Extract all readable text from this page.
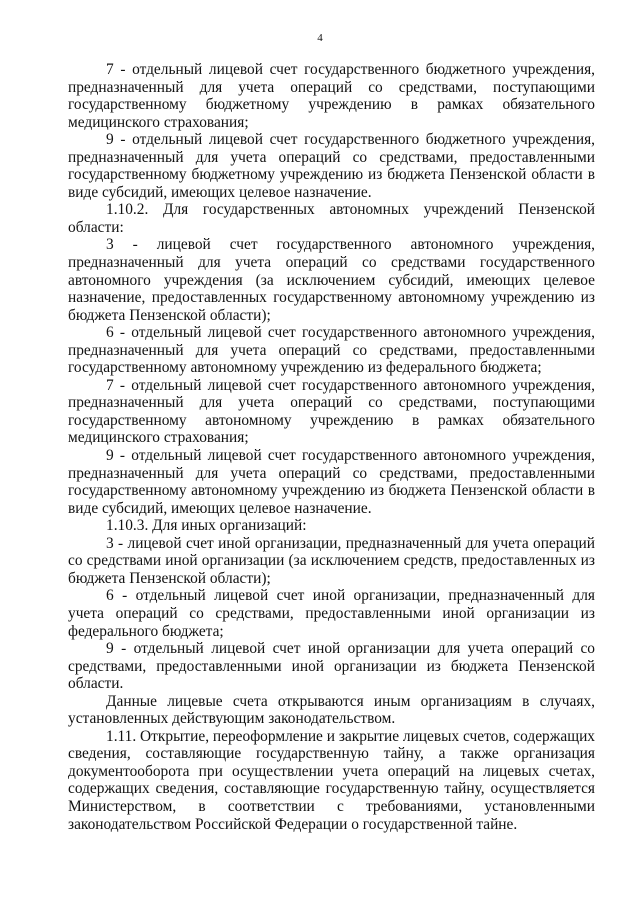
4

7 - отдельный лицевой счет государственного бюджетного учреждения, предназначенный для учета операций со средствами, поступающими государственному бюджетному учреждению в рамках обязательного медицинского страхования;

9 - отдельный лицевой счет государственного бюджетного учреждения, предназначенный для учета операций со средствами, предоставленными государственному бюджетному учреждению из бюджета Пензенской области в виде субсидий, имеющих целевое назначение.

1.10.2. Для государственных автономных учреждений Пензенской области:

3 - лицевой счет государственного автономного учреждения, предназначенный для учета операций со средствами государственного автономного учреждения (за исключением субсидий, имеющих целевое назначение, предоставленных государственному автономному учреждению из бюджета Пензенской области);

6 - отдельный лицевой счет государственного автономного учреждения, предназначенный для учета операций со средствами, предоставленными государственному автономному учреждению из федерального бюджета;

7 - отдельный лицевой счет государственного автономного учреждения, предназначенный для учета операций со средствами, поступающими государственному автономному учреждению в рамках обязательного медицинского страхования;

9 - отдельный лицевой счет государственного автономного учреждения, предназначенный для учета операций со средствами, предоставленными государственному автономному учреждению из бюджета Пензенской области в виде субсидий, имеющих целевое назначение.

1.10.3. Для иных организаций:

3 - лицевой счет иной организации, предназначенный для учета операций со средствами иной организации (за исключением средств, предоставленных из бюджета Пензенской области);

6 - отдельный лицевой счет иной организации, предназначенный для учета операций со средствами, предоставленными иной организации из федерального бюджета;

9 - отдельный лицевой счет иной организации для учета операций со средствами, предоставленными иной организации из бюджета Пензенской области.

Данные лицевые счета открываются иным организациям в случаях, установленных действующим законодательством.

1.11. Открытие, переоформление и закрытие лицевых счетов, содержащих сведения, составляющие государственную тайну, а также организация документооборота при осуществлении учета операций на лицевых счетах, содержащих сведения, составляющие государственную тайну, осуществляется Министерством, в соответствии с требованиями, установленными законодательством Российской Федерации о государственной тайне.
